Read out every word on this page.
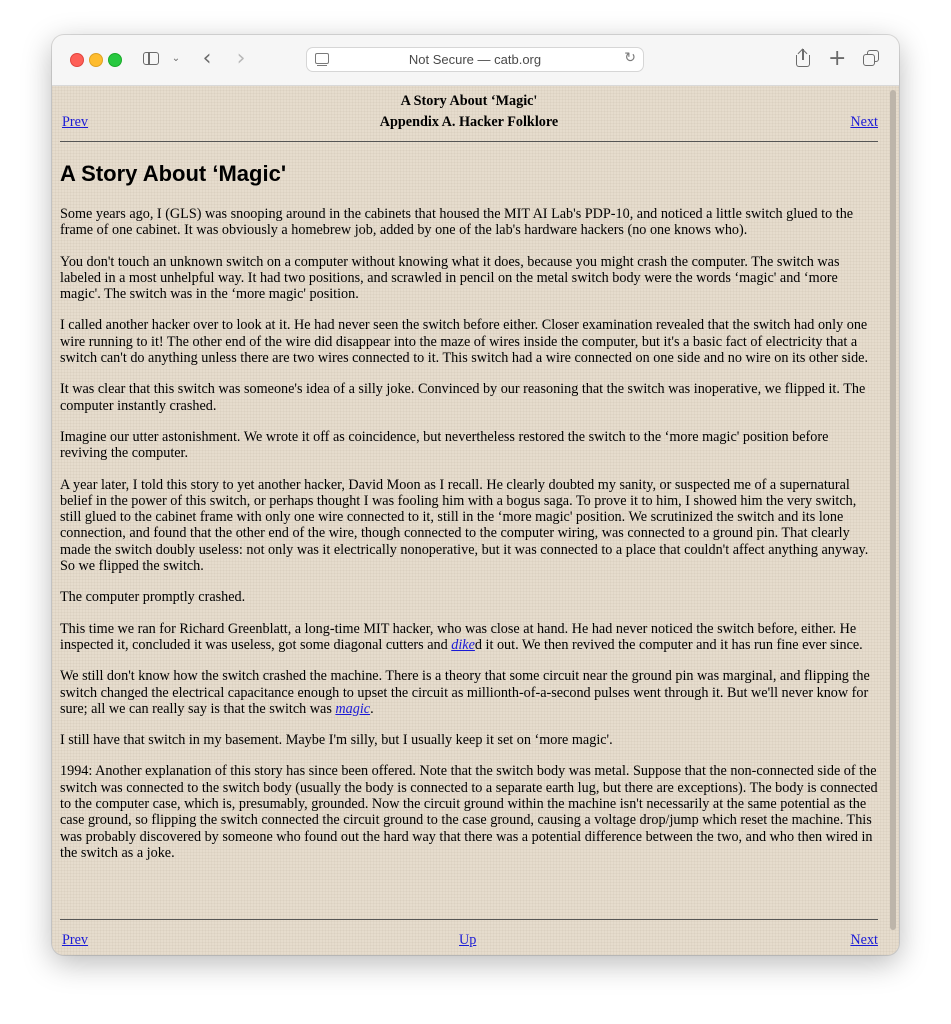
⌄ ‹ ›	Not Secure — catb.org	↻	+
A Story About ‘Magic'
Appendix A. Hacker Folklore
Prev	Next
A Story About ‘Magic'

Some years ago, I (GLS) was snooping around in the cabinets that housed the MIT AI Lab's PDP-10, and noticed a little switch glued to the frame of one cabinet. It was obviously a homebrew job, added by one of the lab's hardware hackers (no one knows who).

You don't touch an unknown switch on a computer without knowing what it does, because you might crash the computer. The switch was labeled in a most unhelpful way. It had two positions, and scrawled in pencil on the metal switch body were the words ‘magic' and ‘more magic'. The switch was in the ‘more magic' position.

I called another hacker over to look at it. He had never seen the switch before either. Closer examination revealed that the switch had only one wire running to it! The other end of the wire did disappear into the maze of wires inside the computer, but it's a basic fact of electricity that a switch can't do anything unless there are two wires connected to it. This switch had a wire connected on one side and no wire on its other side.

It was clear that this switch was someone's idea of a silly joke. Convinced by our reasoning that the switch was inoperative, we flipped it. The computer instantly crashed.

Imagine our utter astonishment. We wrote it off as coincidence, but nevertheless restored the switch to the ‘more magic' position before reviving the computer.

A year later, I told this story to yet another hacker, David Moon as I recall. He clearly doubted my sanity, or suspected me of a supernatural belief in the power of this switch, or perhaps thought I was fooling him with a bogus saga. To prove it to him, I showed him the very switch, still glued to the cabinet frame with only one wire connected to it, still in the ‘more magic' position. We scrutinized the switch and its lone connection, and found that the other end of the wire, though connected to the computer wiring, was connected to a ground pin. That clearly made the switch doubly useless: not only was it electrically nonoperative, but it was connected to a place that couldn't affect anything anyway. So we flipped the switch.

The computer promptly crashed.

This time we ran for Richard Greenblatt, a long-time MIT hacker, who was close at hand. He had never noticed the switch before, either. He inspected it, concluded it was useless, got some diagonal cutters and diked it out. We then revived the computer and it has run fine ever since.

We still don't know how the switch crashed the machine. There is a theory that some circuit near the ground pin was marginal, and flipping the switch changed the electrical capacitance enough to upset the circuit as millionth-of-a-second pulses went through it. But we'll never know for sure; all we can really say is that the switch was magic.

I still have that switch in my basement. Maybe I'm silly, but I usually keep it set on ‘more magic'.

1994: Another explanation of this story has since been offered. Note that the switch body was metal. Suppose that the non-connected side of the switch was connected to the switch body (usually the body is connected to a separate earth lug, but there are exceptions). The body is connected to the computer case, which is, presumably, grounded. Now the circuit ground within the machine isn't necessarily at the same potential as the case ground, so flipping the switch connected the circuit ground to the case ground, causing a voltage drop/jump which reset the machine. This was probably discovered by someone who found out the hard way that there was a potential difference between the two, and who then wired in the switch as a joke.

Prev	Up	Next
